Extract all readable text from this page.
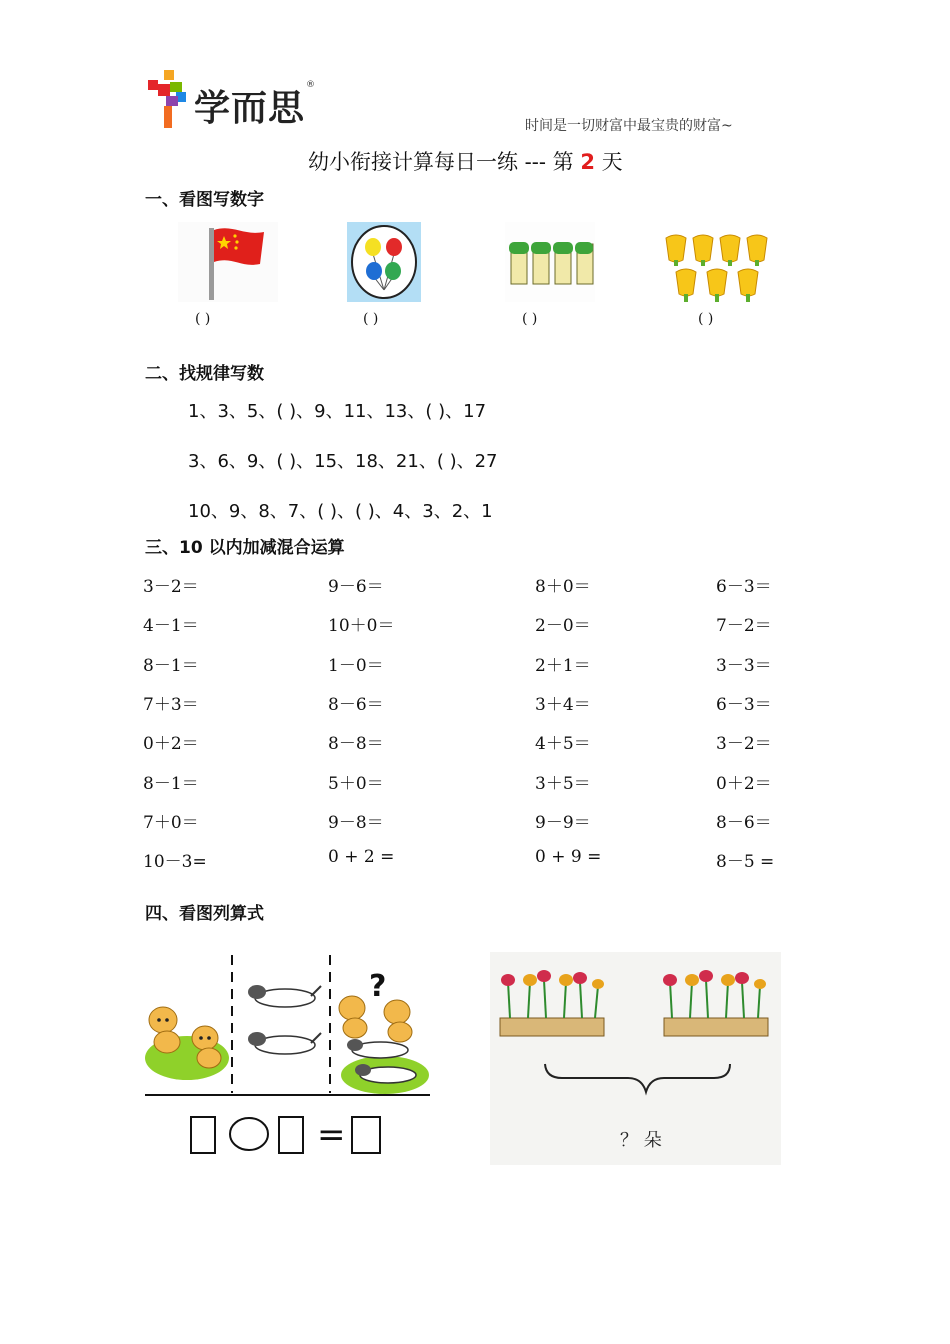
学而思
®
时间是一切财富中最宝贵的财富~
幼小衔接计算每日一练 --- 第 2 天
一、看图写数字
( )	( )	( )	( )
二、找规律写数
1、3、5、( )、9、11、13、( )、17
3、6、9、( )、15、18、21、( )、27
10、9、8、7、( )、( )、4、3、2、1
三、10 以内加减混合运算
3－2＝	9－6＝	8＋0＝	6－3＝
4－1＝	10＋0＝	2－0＝	7－2＝
8－1＝	1－0＝	2＋1＝	3－3＝
7＋3＝	8－6＝	3＋4＝	6－3＝
0＋2＝	8－8＝	4＋5＝	3－2＝
8－1＝	5＋0＝	3＋5＝	0＋2＝
7＋0＝	9－8＝	9－9＝	8－6＝
10－3=	0 + 2 =	0 + 9 =	8－5 =
四、看图列算式
?
=	？ 朵
